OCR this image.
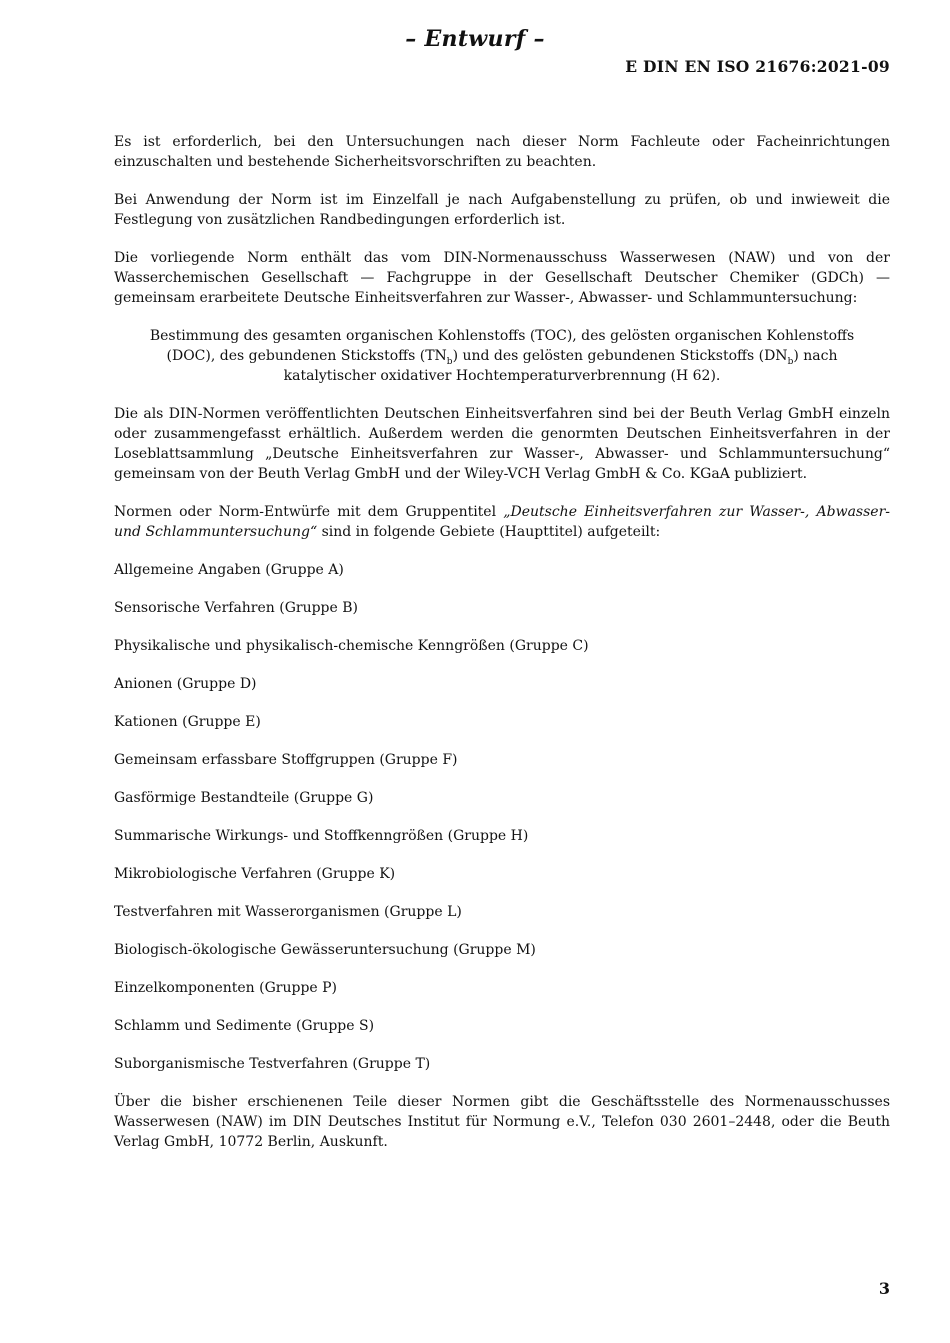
– Entwurf –
E DIN EN ISO 21676:2021-09

Es ist erforderlich, bei den Untersuchungen nach dieser Norm Fachleute oder Facheinrichtungen einzuschalten und bestehende Sicherheitsvorschriften zu beachten.

Bei Anwendung der Norm ist im Einzelfall je nach Aufgabenstellung zu prüfen, ob und inwieweit die Festlegung von zusätzlichen Randbedingungen erforderlich ist.

Die vorliegende Norm enthält das vom DIN-Normenausschuss Wasserwesen (NAW) und von der Wasserchemischen Gesellschaft — Fachgruppe in der Gesellschaft Deutscher Chemiker (GDCh) — gemeinsam erarbeitete Deutsche Einheitsverfahren zur Wasser-, Abwasser- und Schlammuntersuchung:

Bestimmung des gesamten organischen Kohlenstoffs (TOC), des gelösten organischen Kohlenstoffs (DOC), des gebundenen Stickstoffs $(TN_b)$ und des gelösten gebundenen Stickstoffs $(DN_b)$ nach katalytischer oxidativer Hochtemperaturverbrennung (H 62).

Die als DIN-Normen veröffentlichten Deutschen Einheitsverfahren sind bei der Beuth Verlag GmbH einzeln oder zusammengefasst erhältlich. Außerdem werden die genormten Deutschen Einheitsverfahren in der Loseblattsammlung „Deutsche Einheitsverfahren zur Wasser-, Abwasser- und Schlammuntersuchung“ gemeinsam von der Beuth Verlag GmbH und der Wiley-VCH Verlag GmbH & Co. KGaA publiziert.

Normen oder Norm-Entwürfe mit dem Gruppentitel „Deutsche Einheitsverfahren zur Wasser-, Abwasser- und Schlammuntersuchung“ sind in folgende Gebiete (Haupttitel) aufgeteilt:

Allgemeine Angaben (Gruppe A)
Sensorische Verfahren (Gruppe B)
Physikalische und physikalisch-chemische Kenngrößen (Gruppe C)
Anionen (Gruppe D)
Kationen (Gruppe E)
Gemeinsam erfassbare Stoffgruppen (Gruppe F)
Gasförmige Bestandteile (Gruppe G)
Summarische Wirkungs- und Stoffkenngrößen (Gruppe H)
Mikrobiologische Verfahren (Gruppe K)
Testverfahren mit Wasserorganismen (Gruppe L)
Biologisch-ökologische Gewässeruntersuchung (Gruppe M)
Einzelkomponenten (Gruppe P)
Schlamm und Sedimente (Gruppe S)
Suborganismische Testverfahren (Gruppe T)

Über die bisher erschienenen Teile dieser Normen gibt die Geschäftsstelle des Normenausschusses Wasserwesen (NAW) im DIN Deutsches Institut für Normung e.V., Telefon 030 2601–2448, oder die Beuth Verlag GmbH, 10772 Berlin, Auskunft.

3
